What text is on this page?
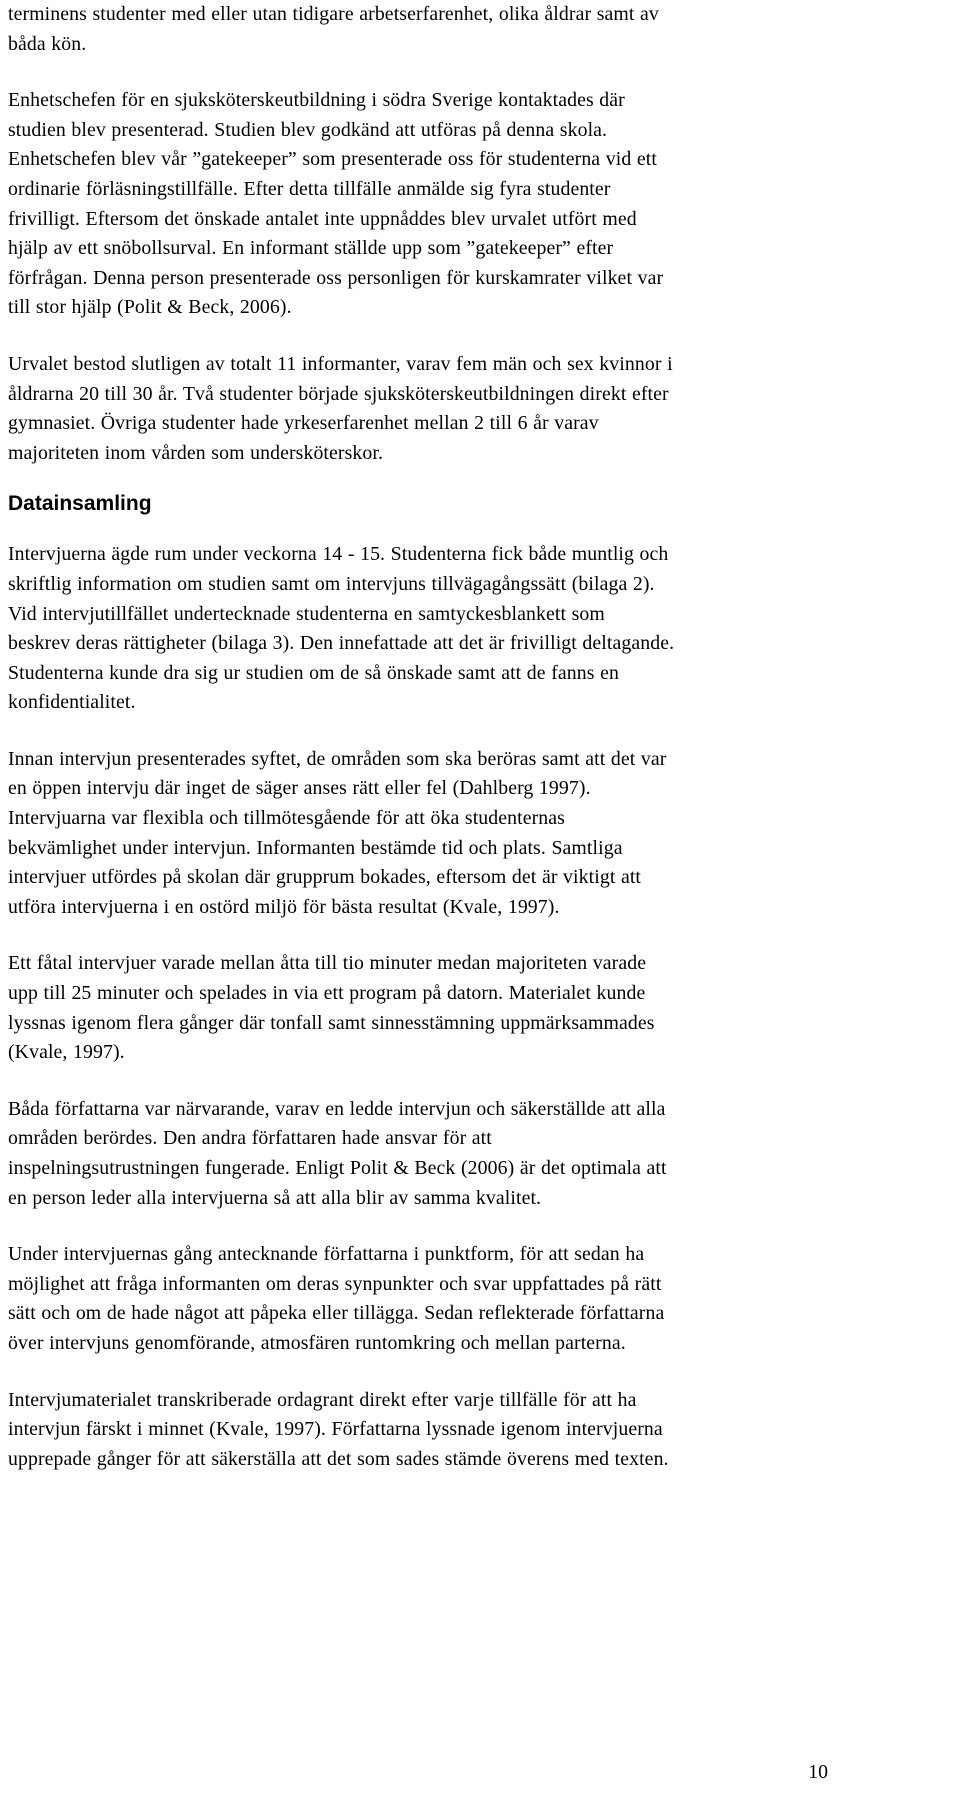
terminens studenter med eller utan tidigare arbetserfarenhet, olika åldrar samt av
båda kön.

Enhetschefen för en sjuksköterskeutbildning i södra Sverige kontaktades där
studien blev presenterad. Studien blev godkänd att utföras på denna skola.
Enhetschefen blev vår ”gatekeeper” som presenterade oss för studenterna vid ett
ordinarie förläsningstillfälle. Efter detta tillfälle anmälde sig fyra studenter
frivilligt. Eftersom det önskade antalet inte uppnåddes blev urvalet utfört med
hjälp av ett snöbollsurval. En informant ställde upp som ”gatekeeper” efter
förfrågan. Denna person presenterade oss personligen för kurskamrater vilket var
till stor hjälp (Polit & Beck, 2006).

Urvalet bestod slutligen av totalt 11 informanter, varav fem män och sex kvinnor i
åldrarna 20 till 30 år. Två studenter började sjuksköterskeutbildningen direkt efter
gymnasiet. Övriga studenter hade yrkeserfarenhet mellan 2 till 6 år varav
majoriteten inom vården som undersköterskor.

Datainsamling

Intervjuerna ägde rum under veckorna 14 - 15. Studenterna fick både muntlig och
skriftlig information om studien samt om intervjuns tillvägagångssätt (bilaga 2).
Vid intervjutillfället undertecknade studenterna en samtyckesblankett som
beskrev deras rättigheter (bilaga 3). Den innefattade att det är frivilligt deltagande.
Studenterna kunde dra sig ur studien om de så önskade samt att de fanns en
konfidentialitet.

Innan intervjun presenterades syftet, de områden som ska beröras samt att det var
en öppen intervju där inget de säger anses rätt eller fel (Dahlberg 1997).
Intervjuarna var flexibla och tillmötesgående för att öka studenternas
bekvämlighet under intervjun. Informanten bestämde tid och plats. Samtliga
intervjuer utfördes på skolan där grupprum bokades, eftersom det är viktigt att
utföra intervjuerna i en ostörd miljö för bästa resultat (Kvale, 1997).

Ett fåtal intervjuer varade mellan åtta till tio minuter medan majoriteten varade
upp till 25 minuter och spelades in via ett program på datorn. Materialet kunde
lyssnas igenom flera gånger där tonfall samt sinnesstämning uppmärksammades
(Kvale, 1997).

Båda författarna var närvarande, varav en ledde intervjun och säkerställde att alla
områden berördes. Den andra författaren hade ansvar för att
inspelningsutrustningen fungerade. Enligt Polit & Beck (2006) är det optimala att
en person leder alla intervjuerna så att alla blir av samma kvalitet.

Under intervjuernas gång antecknande författarna i punktform, för att sedan ha
möjlighet att fråga informanten om deras synpunkter och svar uppfattades på rätt
sätt och om de hade något att påpeka eller tillägga. Sedan reflekterade författarna
över intervjuns genomförande, atmosfären runtomkring och mellan parterna.

Intervjumaterialet transkriberade ordagrant direkt efter varje tillfälle för att ha
intervjun färskt i minnet (Kvale, 1997). Författarna lyssnade igenom intervjuerna
upprepade gånger för att säkerställa att det som sades stämde överens med texten.

10
